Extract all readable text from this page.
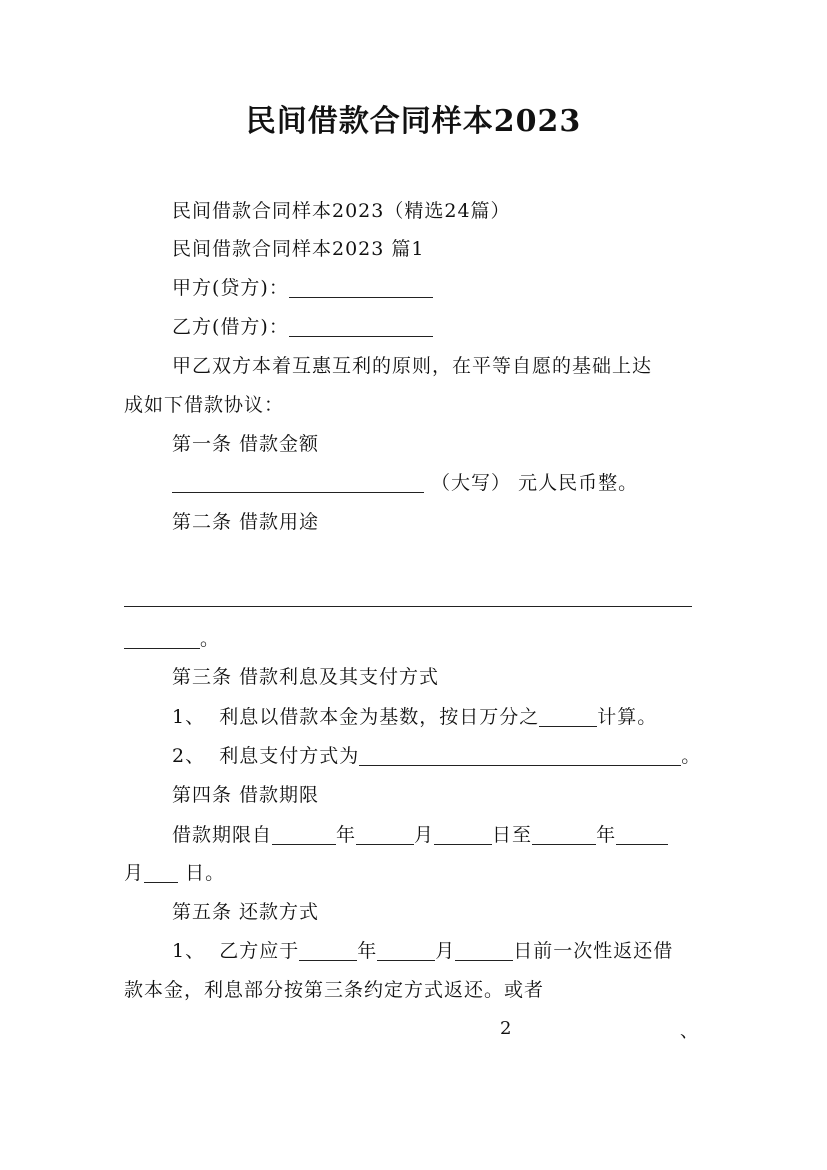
民间借款合同样本2023
民间借款合同样本2023（精选24篇）
民间借款合同样本2023 篇1
甲方(贷方)：
乙方(借方)：
甲乙双方本着互惠互利的原则，在平等自愿的基础上达
成如下借款协议：
第一条 借款金额
（大写） 元人民币整。
第二条 借款用途
。
第三条 借款利息及其支付方式
1、 利息以借款本金为基数，按日万分之	计算。
2、 利息支付方式为	。
第四条 借款期限
借款期限自	年	月	日至	年
月 日。
第五条 还款方式
1、 乙方应于	年	月	日前一次性返还借
款本金，利息部分按第三条约定方式返还。或者
2	、
